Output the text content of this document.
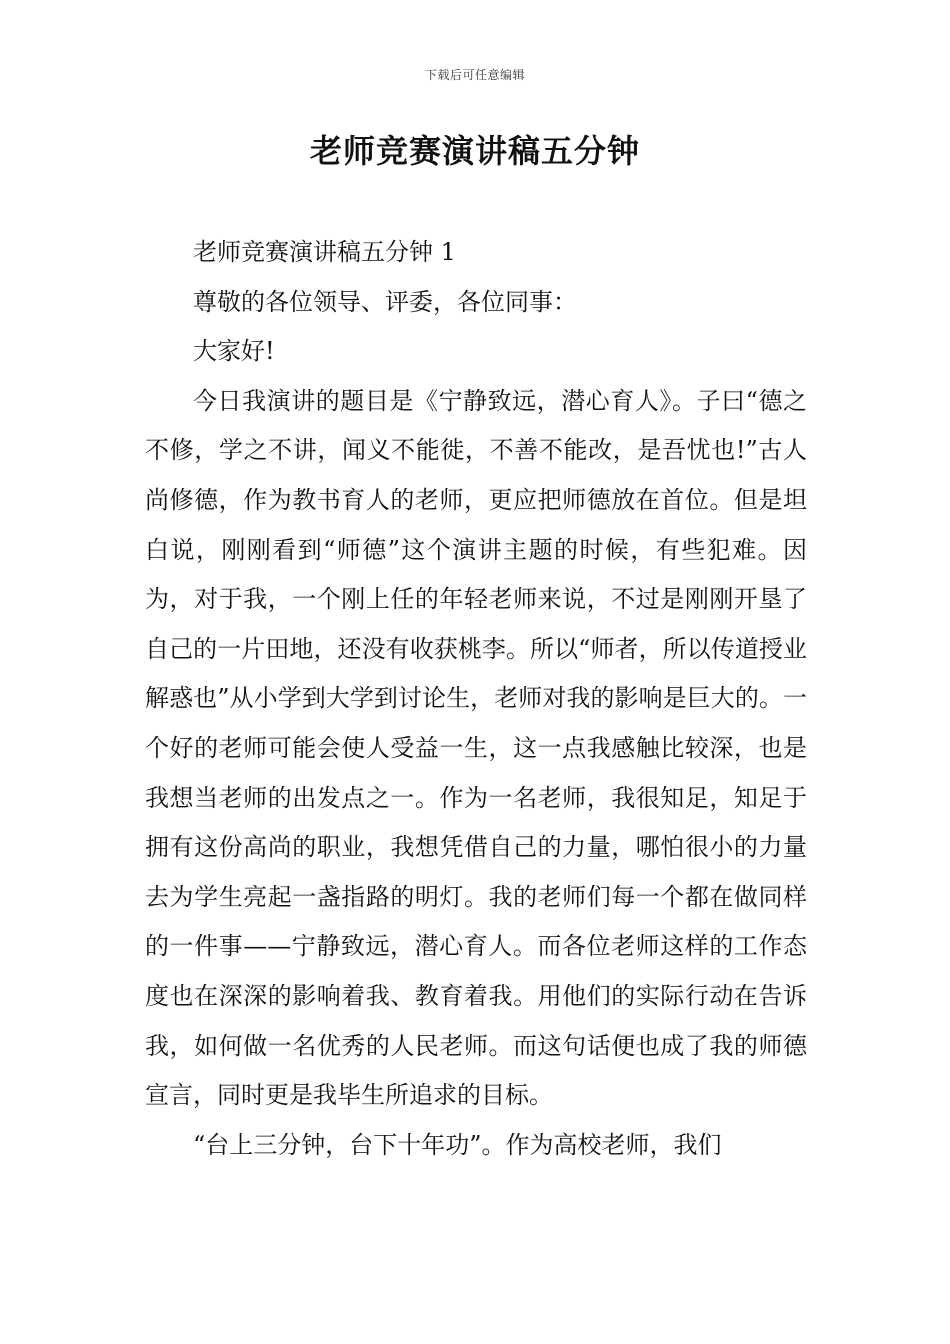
下载后可任意编辑
老师竞赛演讲稿五分钟

老师竞赛演讲稿五分钟 1

尊敬的各位领导、评委，各位同事：

大家好!

今日我演讲的题目是《宁静致远，潜心育人》。子曰“德之不修，学之不讲，闻义不能徙，不善不能改，是吾忧也!”古人尚修德，作为教书育人的老师，更应把师德放在首位。但是坦白说，刚刚看到“师德”这个演讲主题的时候，有些犯难。因为，对于我，一个刚上任的年轻老师来说，不过是刚刚开垦了自己的一片田地，还没有收获桃李。所以“师者，所以传道授业解惑也”从小学到大学到讨论生，老师对我的影响是巨大的。一个好的老师可能会使人受益一生，这一点我感触比较深，也是我想当老师的出发点之一。作为一名老师，我很知足，知足于拥有这份高尚的职业，我想凭借自己的力量，哪怕很小的力量去为学生亮起一盏指路的明灯。我的老师们每一个都在做同样的一件事——宁静致远，潜心育人。而各位老师这样的工作态度也在深深的影响着我、教育着我。用他们的实际行动在告诉我，如何做一名优秀的人民老师。而这句话便也成了我的师德宣言，同时更是我毕生所追求的目标。

“台上三分钟，台下十年功”。作为高校老师，我们
